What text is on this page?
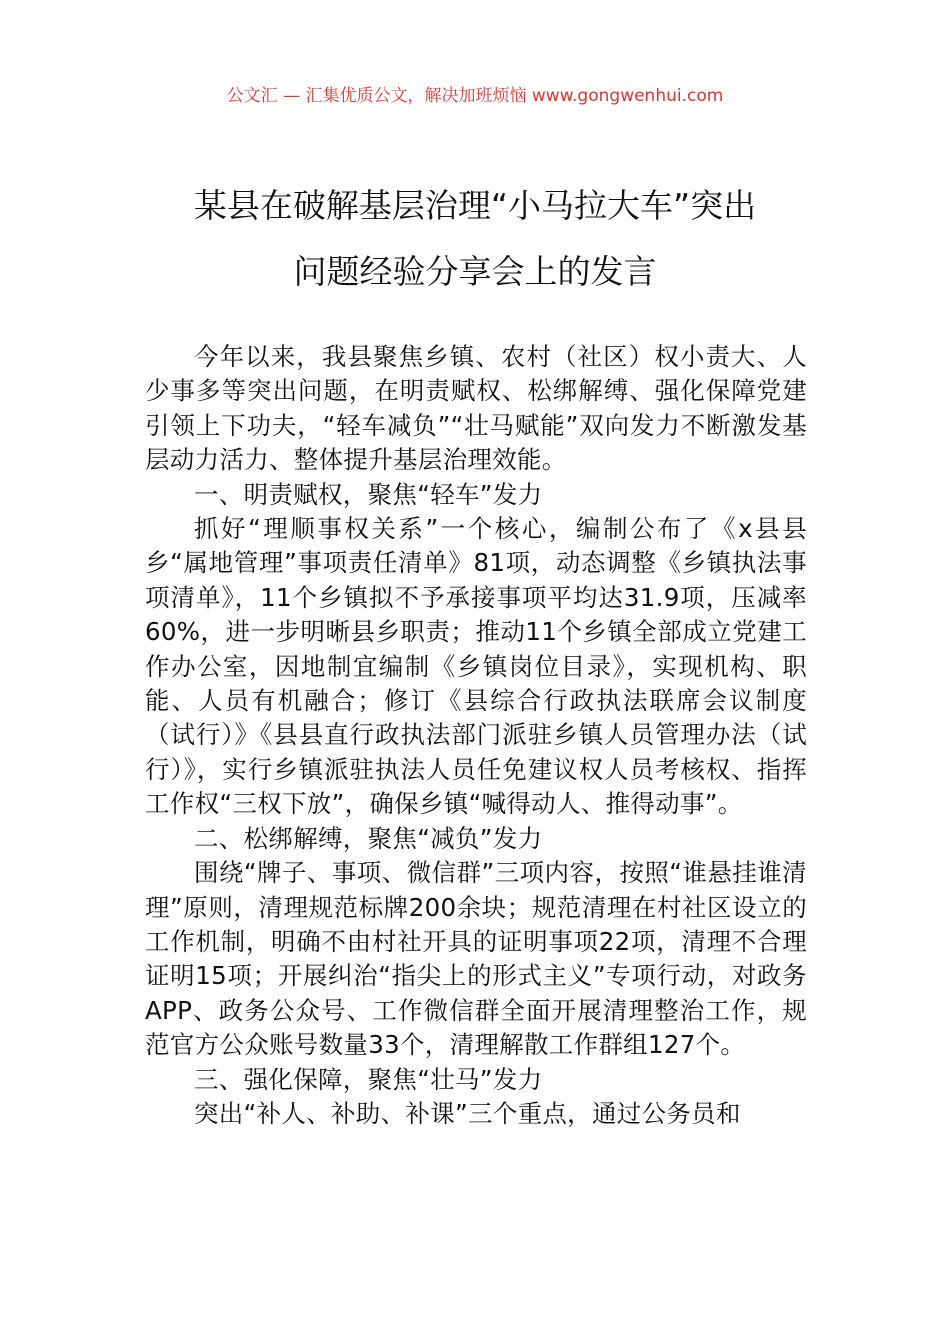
公文汇 — 汇集优质公文，解决加班烦恼 www.gongwenhui.com
某县在破解基层治理“小马拉大车”突出
问题经验分享会上的发言

今年以来，我县聚焦乡镇、农村（社区）权小责大、人少事多等突出问题，在明责赋权、松绑解缚、强化保障党建引领上下功夫，“轻车减负”“壮马赋能”双向发力不断激发基层动力活力、整体提升基层治理效能。

一、明责赋权，聚焦“轻车”发力

抓好“理顺事权关系”一个核心，编制公布了《x县县乡“属地管理”事项责任清单》81项，动态调整《乡镇执法事项清单》，11个乡镇拟不予承接事项平均达31.9项，压减率60%，进一步明晰县乡职责；推动11个乡镇全部成立党建工作办公室，因地制宜编制《乡镇岗位目录》，实现机构、职能、人员有机融合；修订《县综合行政执法联席会议制度（试行）》《县县直行政执法部门派驻乡镇人员管理办法（试行）》，实行乡镇派驻执法人员任免建议权人员考核权、指挥工作权“三权下放”，确保乡镇“喊得动人、推得动事”。

二、松绑解缚，聚焦“减负”发力

围绕“牌子、事项、微信群”三项内容，按照“谁悬挂谁清理”原则，清理规范标牌200余块；规范清理在村社区设立的工作机制，明确不由村社开具的证明事项22项，清理不合理证明15项；开展纠治“指尖上的形式主义”专项行动，对政务APP、政务公众号、工作微信群全面开展清理整治工作，规范官方公众账号数量33个，清理解散工作群组127个。

三、强化保障，聚焦“壮马”发力

突出“补人、补助、补课”三个重点，通过公务员和
